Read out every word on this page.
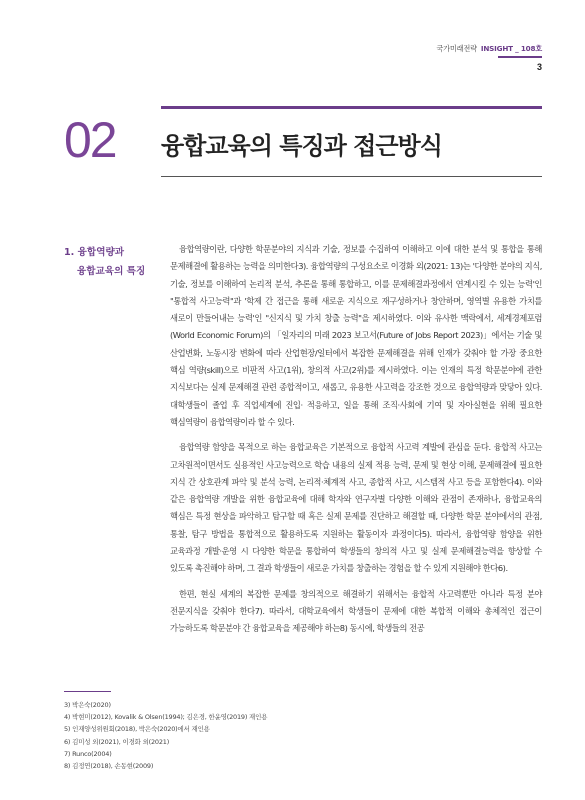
국가미래전략 INSIGHT _ 108호
3
02 융합교육의 특징과 접근방식
1. 융합역량과
융합교육의 특징

융합역량이란, 다양한 학문분야의 지식과 기술, 정보를 수집하여 이해하고 이에 대한 분석 및 통합을 통해 문제해결에 활용하는 능력을 의미한다3). 융합역량의 구성요소로 이경화 외(2021: 13)는 '다양한 분야의 지식, 기술, 정보를 이해하여 논리적 분석, 추론을 통해 통합하고, 이를 문제해결과정에서 연계시킬 수 있는 능력'인 "통합적 사고능력"과 '학제 간 접근을 통해 새로운 지식으로 재구성하거나 창안하며, 영역별 유용한 가치를 새로이 만들어내는 능력'인 "신지식 및 가치 창출 능력"을 제시하였다. 이와 유사한 맥락에서, 세계경제포럼(World Economic Forum)의 「일자리의 미래 2023 보고서(Future of Jobs Report 2023)」에서는 기술 및 산업변화, 노동시장 변화에 따라 산업현장/일터에서 복잡한 문제해결을 위해 인재가 갖춰야 할 가장 중요한 핵심 역량(skill)으로 비판적 사고(1위), 창의적 사고(2위)를 제시하였다. 이는 인재의 특정 학문분야에 관한 지식보다는 실제 문제해결 관련 종합적이고, 새롭고, 유용한 사고력을 강조한 것으로 융합역량과 맞닿아 있다. 대학생들이 졸업 후 직업세계에 진입· 적응하고, 일을 통해 조직·사회에 기여 및 자아실현을 위해 필요한 핵심역량이 융합역량이라 할 수 있다.

융합역량 함양을 목적으로 하는 융합교육은 기본적으로 융합적 사고력 계발에 관심을 둔다. 융합적 사고는 고차원적이면서도 실용적인 사고능력으로 학습 내용의 실제 적용 능력, 문제 및 현상 이해, 문제해결에 필요한 지식 간 상호관계 파악 및 분석 능력, 논리적·체계적 사고, 종합적 사고, 시스템적 사고 등을 포함한다4). 이와 같은 융합역량 개발을 위한 융합교육에 대해 학자와 연구자별 다양한 이해와 관점이 존재하나, 융합교육의 핵심은 특정 현상을 파악하고 탐구할 때 혹은 실제 문제를 진단하고 해결할 때, 다양한 학문 분야에서의 관점, 통찰, 탐구 방법을 통합적으로 활용하도록 지원하는 활동이자 과정이다5). 따라서, 융합역량 함양을 위한 교육과정 개발·운영 시 다양한 학문을 통합하여 학생들의 창의적 사고 및 실제 문제해결능력을 향상할 수 있도록 촉진해야 하며, 그 결과 학생들이 새로운 가치를 창출하는 경험을 할 수 있게 지원해야 한다6).

한편, 현실 세계의 복잡한 문제를 창의적으로 해결하기 위해서는 융합적 사고력뿐만 아니라 특정 분야 전문지식을 갖춰야 한다7). 따라서, 대학교육에서 학생들이 문제에 대한 복합적 이해와 총체적인 접근이 가능하도록 학문분야 간 융합교육을 제공해야 하는8) 동시에, 학생들의 전공

3) 박은숙(2020)
4) 박현미(2012), Kovalik & Olsen(1994); 김은경, 한윤영(2019) 재인용
5) 인재양성위원회(2018), 박은숙(2020)에서 재인용
6) 김미성 외(2021), 이경화 외(2021)
7) Runco(2004)
8) 김정연(2018), 손동현(2009)
